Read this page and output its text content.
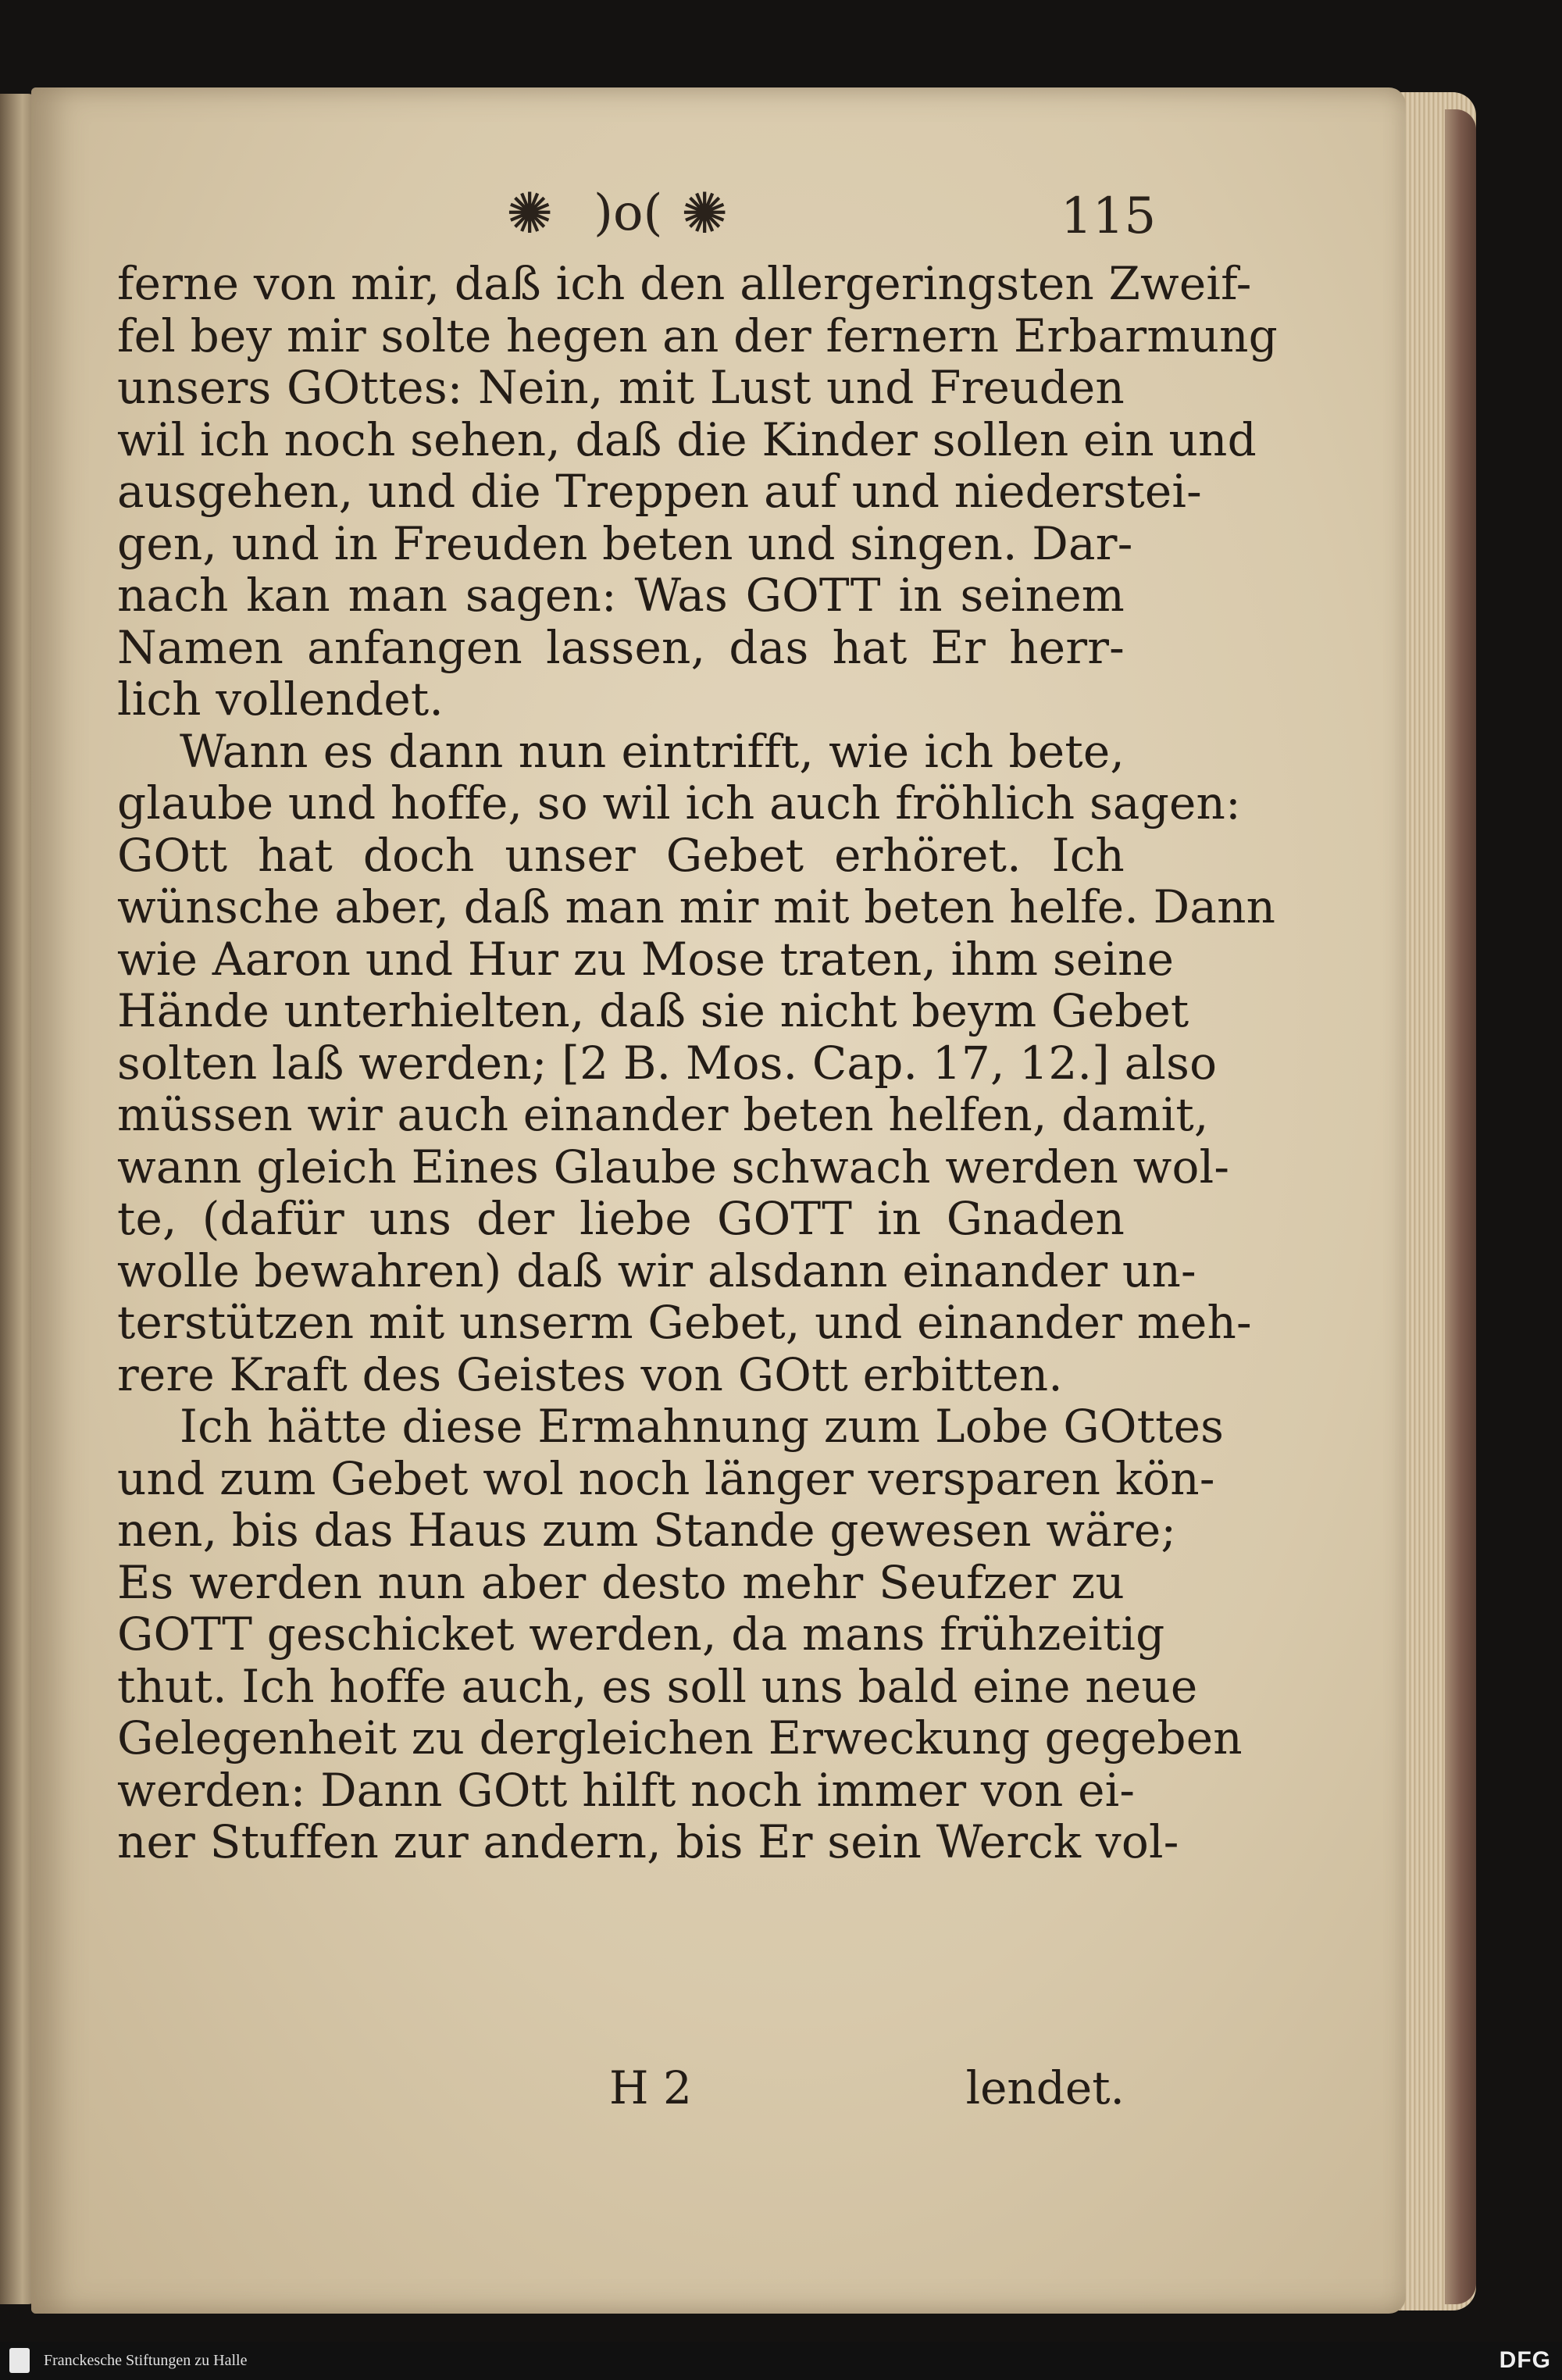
✺ )o( ✺	115
ferne von mir, daß ich den allergeringsten Zweif-
fel bey mir solte hegen an der fernern Erbarmung
unsers GOttes: Nein, mit Lust und Freuden
wil ich noch sehen, daß die Kinder sollen ein und
ausgehen, und die Treppen auf und niederstei-
gen, und in Freuden beten und singen. Dar-
nach kan man sagen: Was GOTT in seinem
Namen anfangen lassen, das hat Er herr-
lich vollendet.
Wann es dann nun eintrifft, wie ich bete,
glaube und hoffe, so wil ich auch fröhlich sagen:
GOtt hat doch unser Gebet erhöret. Ich
wünsche aber, daß man mir mit beten helfe. Dann
wie Aaron und Hur zu Mose traten, ihm seine
Hände unterhielten, daß sie nicht beym Gebet
solten laß werden; [2 B. Mos. Cap. 17, 12.] also
müssen wir auch einander beten helfen, damit,
wann gleich Eines Glaube schwach werden wol-
te, (dafür uns der liebe GOTT in Gnaden
wolle bewahren) daß wir alsdann einander un-
terstützen mit unserm Gebet, und einander meh-
rere Kraft des Geistes von GOtt erbitten.
Ich hätte diese Ermahnung zum Lobe GOttes
und zum Gebet wol noch länger versparen kön-
nen, bis das Haus zum Stande gewesen wäre;
Es werden nun aber desto mehr Seufzer zu
GOTT geschicket werden, da mans frühzeitig
thut. Ich hoffe auch, es soll uns bald eine neue
Gelegenheit zu dergleichen Erweckung gegeben
werden: Dann GOtt hilft noch immer von ei-
ner Stuffen zur andern, bis Er sein Werck vol-
H 2	lendet.
Franckesche Stiftungen zu Halle	DFG
